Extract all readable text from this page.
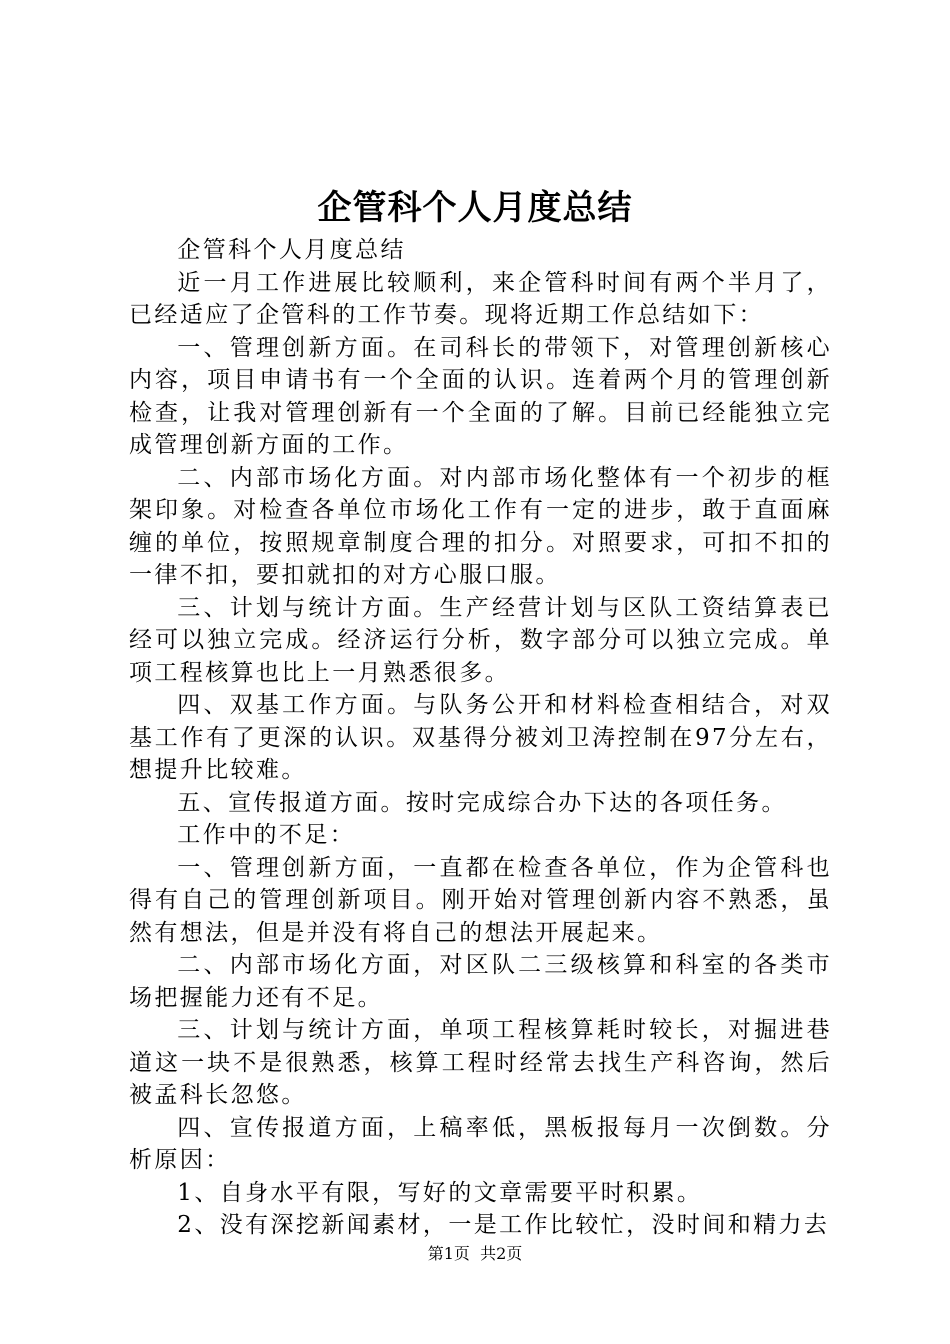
企管科个人月度总结

企管科个人月度总结

近一月工作进展比较顺利，来企管科时间有两个半月了，已经适应了企管科的工作节奏。现将近期工作总结如下：

一、管理创新方面。在司科长的带领下，对管理创新核心内容，项目申请书有一个全面的认识。连着两个月的管理创新检查，让我对管理创新有一个全面的了解。目前已经能独立完成管理创新方面的工作。

二、内部市场化方面。对内部市场化整体有一个初步的框架印象。对检查各单位市场化工作有一定的进步，敢于直面麻缠的单位，按照规章制度合理的扣分。对照要求，可扣不扣的一律不扣，要扣就扣的对方心服口服。

三、计划与统计方面。生产经营计划与区队工资结算表已经可以独立完成。经济运行分析，数字部分可以独立完成。单项工程核算也比上一月熟悉很多。

四、双基工作方面。与队务公开和材料检查相结合，对双基工作有了更深的认识。双基得分被刘卫涛控制在97分左右，想提升比较难。

五、宣传报道方面。按时完成综合办下达的各项任务。

工作中的不足：

一、管理创新方面，一直都在检查各单位，作为企管科也得有自己的管理创新项目。刚开始对管理创新内容不熟悉，虽然有想法，但是并没有将自己的想法开展起来。

二、内部市场化方面，对区队二三级核算和科室的各类市场把握能力还有不足。

三、计划与统计方面，单项工程核算耗时较长，对掘进巷道这一块不是很熟悉，核算工程时经常去找生产科咨询，然后被孟科长忽悠。

四、宣传报道方面，上稿率低，黑板报每月一次倒数。分析原因：

1、自身水平有限，写好的文章需要平时积累。

2、没有深挖新闻素材，一是工作比较忙，没时间和精力去

第1页  共2页
